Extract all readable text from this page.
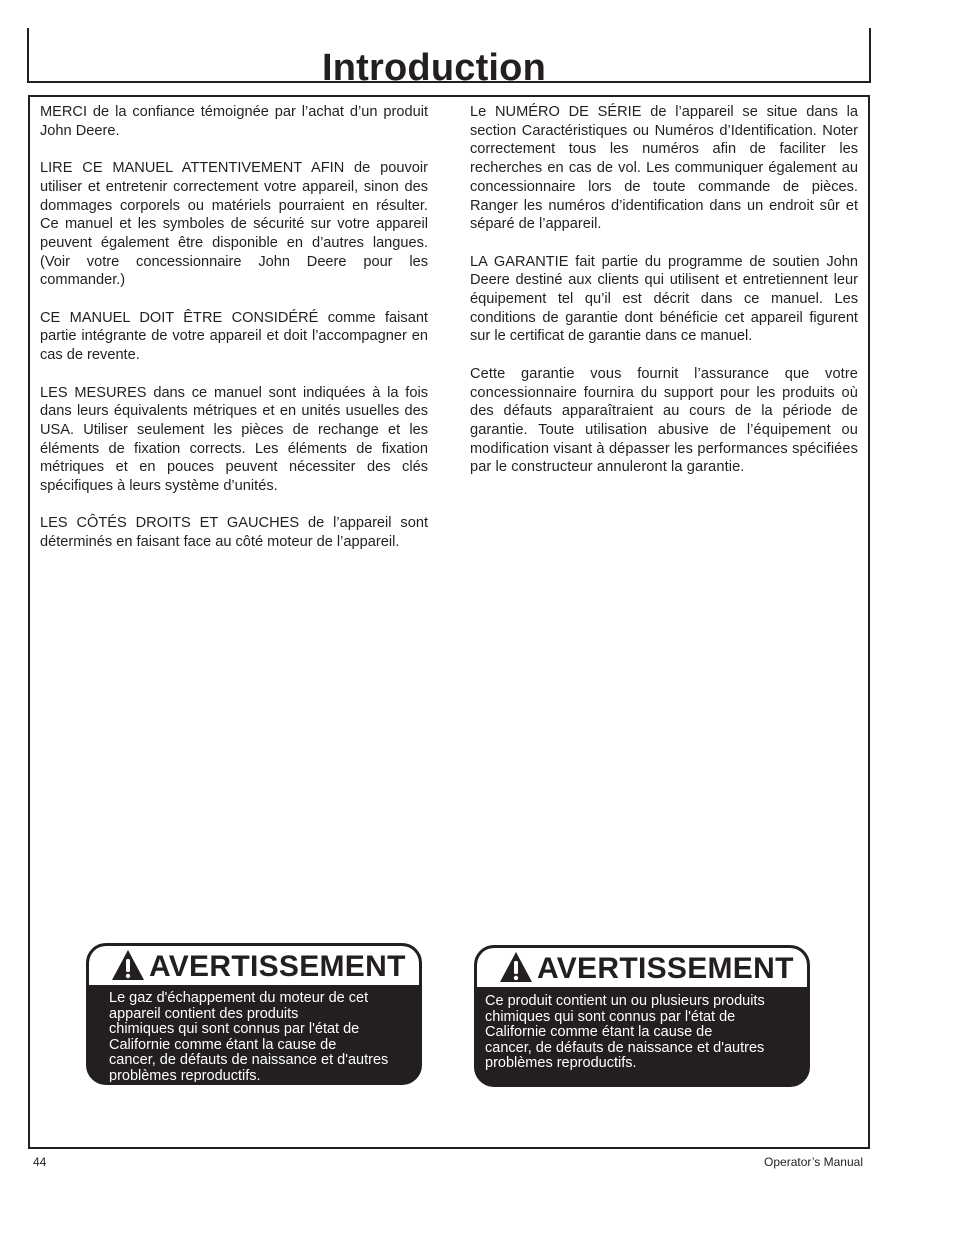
Introduction

MERCI de la confiance témoignée par l’achat d’un produit John Deere.

LIRE CE MANUEL ATTENTIVEMENT AFIN de pouvoir utiliser et entretenir correctement votre appareil, sinon des dommages corporels ou matériels pourraient en résulter. Ce manuel et les symboles de sécurité sur votre appareil peuvent également être disponible en d’autres langues. (Voir votre concessionnaire John Deere pour les commander.)

CE MANUEL DOIT ÊTRE CONSIDÉRÉ comme faisant partie intégrante de votre appareil et doit l’accompagner en cas de revente.

LES MESURES dans ce manuel sont indiquées à la fois dans leurs équivalents métriques et en unités usuelles des USA. Utiliser seulement les pièces de rechange et les éléments de fixation corrects. Les éléments de fixation métriques et en pouces peuvent nécessiter des clés spécifiques à leurs système d’unités.

LES CÔTÉS DROITS ET GAUCHES de l’appareil sont déterminés en faisant face au côté moteur de l’appareil.

Le NUMÉRO DE SÉRIE de l’appareil se situe dans la section Caractéristiques ou Numéros d’Identification. Noter correctement tous les numéros afin de faciliter les recherches en cas de vol. Les communiquer également au concessionnaire lors de toute commande de pièces. Ranger les numéros d’identification dans un endroit sûr et séparé de l’appareil.

LA GARANTIE fait partie du programme de soutien John Deere destiné aux clients qui utilisent et entretiennent leur équipement tel qu’il est décrit dans ce manuel. Les conditions de garantie dont bénéficie cet appareil figurent sur le certificat de garantie dans ce manuel.

Cette garantie vous fournit l’assurance que votre concessionnaire fournira du support pour les produits où des défauts apparaîtraient au cours de la période de garantie. Toute utilisation abusive de l’équipement ou modification visant à dépasser les performances spécifiées par le constructeur annuleront la garantie.

AVERTISSEMENT
Le gaz d'échappement du moteur de cet
appareil contient des produits
chimiques qui sont connus par l'état de
Californie comme étant la cause de
cancer, de défauts de naissance et d'autres
problèmes reproductifs.
AVERTISSEMENT
Ce produit contient un ou plusieurs produits
chimiques qui sont connus par l'état de
Californie comme étant la cause de
cancer, de défauts de naissance et d'autres
problèmes reproductifs.
44	Operator’s Manual
